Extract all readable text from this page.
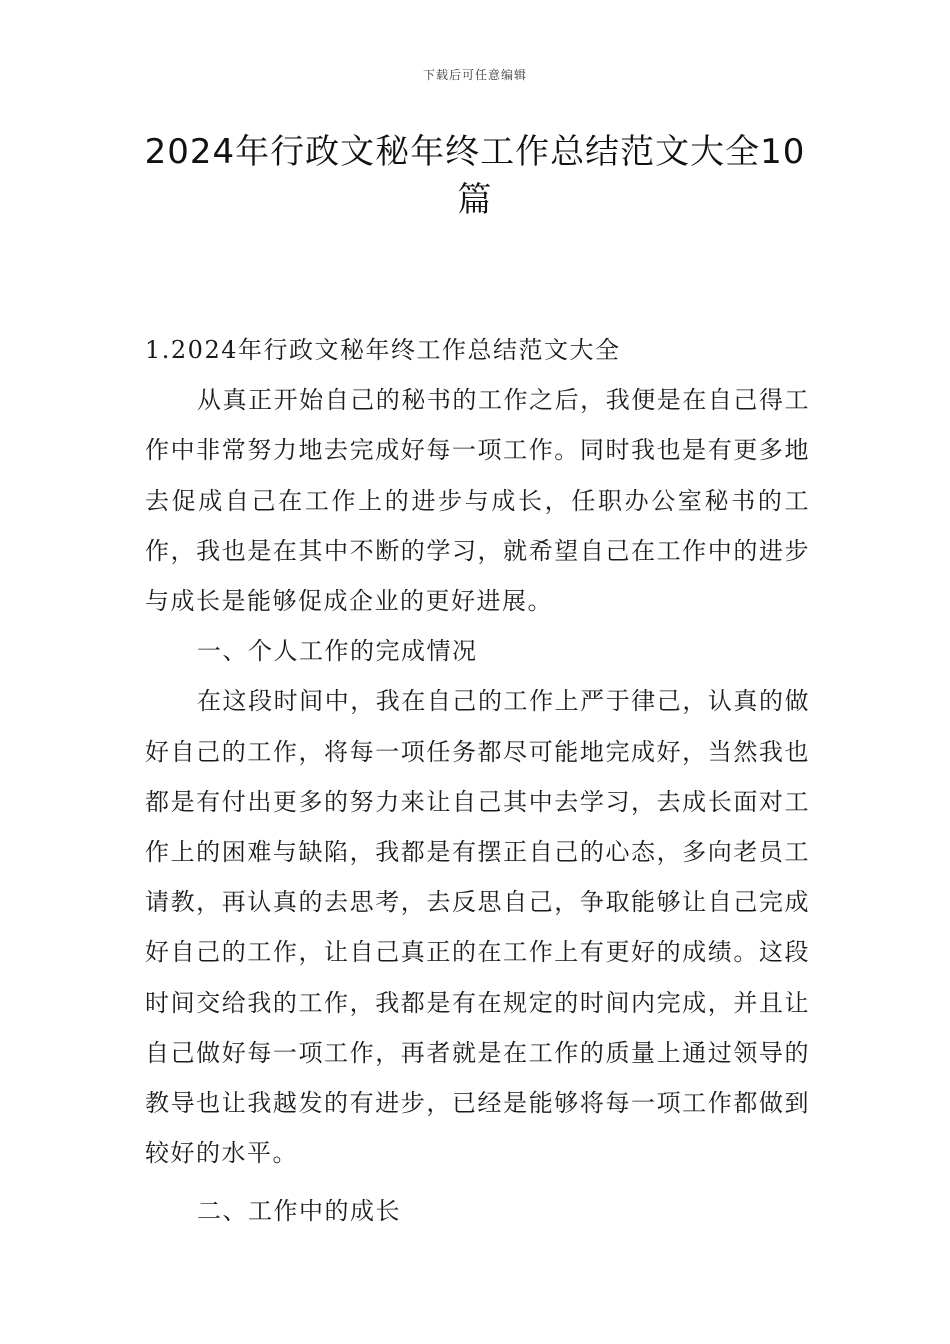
下载后可任意编辑
2024年行政文秘年终工作总结范文大全10篇

1.2024年行政文秘年终工作总结范文大全

从真正开始自己的秘书的工作之后，我便是在自己得工作中非常努力地去完成好每一项工作。同时我也是有更多地去促成自己在工作上的进步与成长，任职办公室秘书的工作，我也是在其中不断的学习，就希望自己在工作中的进步与成长是能够促成企业的更好进展。

一、个人工作的完成情况

在这段时间中，我在自己的工作上严于律己，认真的做好自己的工作，将每一项任务都尽可能地完成好，当然我也都是有付出更多的努力来让自己其中去学习，去成长面对工作上的困难与缺陷，我都是有摆正自己的心态，多向老员工请教，再认真的去思考，去反思自己，争取能够让自己完成好自己的工作，让自己真正的在工作上有更好的成绩。这段时间交给我的工作，我都是有在规定的时间内完成，并且让自己做好每一项工作，再者就是在工作的质量上通过领导的教导也让我越发的有进步，已经是能够将每一项工作都做到较好的水平。

二、工作中的成长
